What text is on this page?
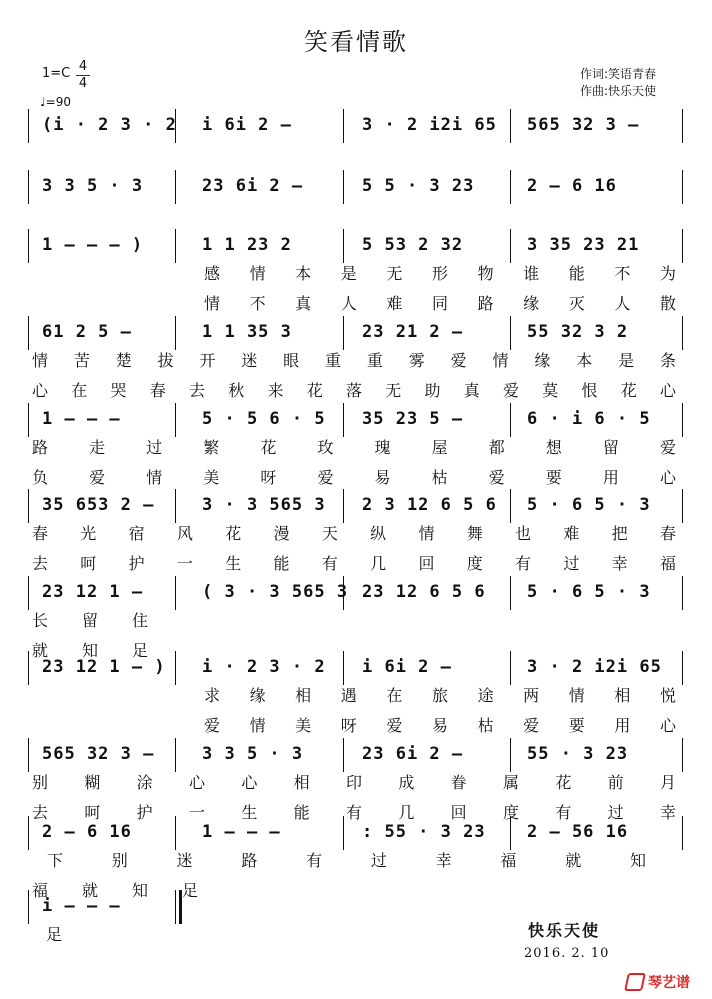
笑看情歌
1=C 4
4
♩=90
作词:笑语青春
作曲:快乐天使
(i · 2 3 · 2	i 6i 2 –	3 · 2 i2i 65	565 32 3 –
3 3 5 · 3	23 6i 2 –	5 5 · 3 23	2 – 6 16
1 – – – )	1 1 23 2	5 53 2 32	3 35 23 21
感 情 本 是 无 形 物 谁 能 不 为
情 不 真 人 难 同 路 缘 灭 人 散
61 2 5 –	1 1 35 3	23 21 2 –	55 32 3 2
情 苦 楚 拔 开 迷 眼 重 重 雾 爱 情 缘 本 是 条
心 在 哭 春 去 秋 来 花 落 无 助 真 爱 莫 恨 花 心
1 – – –	5 · 5 6 · 5	35 23 5 –	6 · i 6 · 5
路	走	过	繁	花	玫	瑰	屋	都	想	留	爱
负	爱	情	美	呀	爱	易	枯	爱	要	用	心
35 653 2 –	3 · 3 565 3	2 3 12 6 5 6	5 · 6 5 · 3
春 光 宿 风 花 漫 天 纵 情 舞 也 难 把 春
去 呵 护 一 生 能 有 几 回 度 有 过 幸 福
23 12 1 –	( 3 · 3 565 3 23 12 6 5 6	5 · 6 5 · 3
长 留 住
就 知 足
23 12 1 – )	i · 2 3 · 2	i 6i 2 –	3 · 2 i2i 65
求 缘 相 遇 在 旅 途 两 情 相 悦
爱 情 美 呀 爱 易 枯 爱 要 用 心
565 32 3 –	3 3 5 · 3	23 6i 2 –	55 · 3 23
别 糊 涂 心 心 相 印 成 眷 属 花 前 月
去 呵 护 一 生 能 有 几 回 度 有 过 幸
2 – 6 16	1 – – –	: 55 · 3 23	2 – 56 16
下	别	迷	路	有	过	幸	福	就	知
福 就 知 足
i – – –
足	快乐天使
2016. 2. 10
琴艺谱
